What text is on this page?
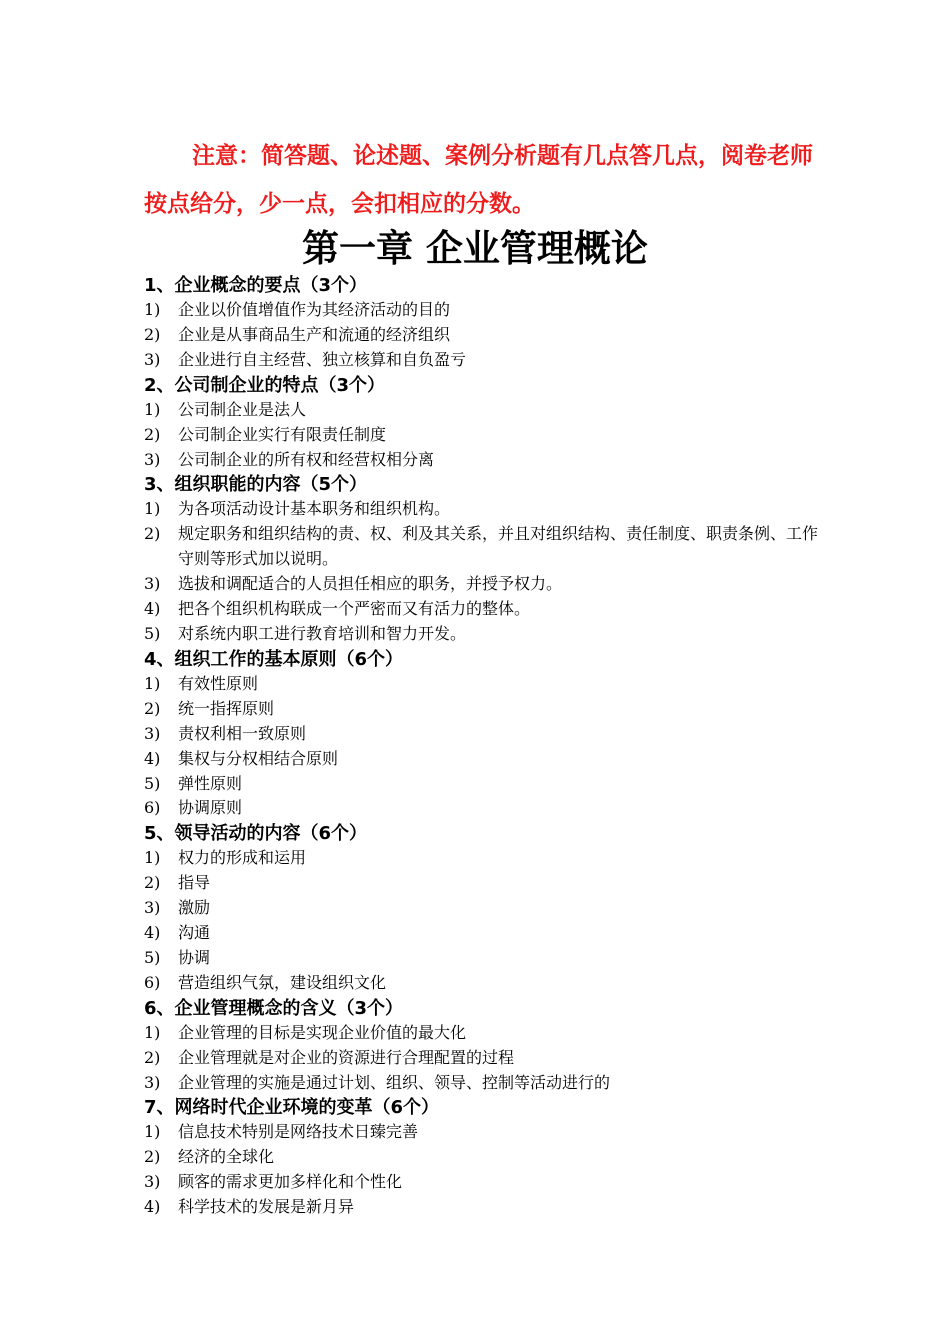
注意：简答题、论述题、案例分析题有几点答几点，阅卷老师按点给分，少一点，会扣相应的分数。

第一章 企业管理概论

1、企业概念的要点（3个）

1) 企业以价值增值作为其经济活动的目的
2) 企业是从事商品生产和流通的经济组织
3) 企业进行自主经营、独立核算和自负盈亏

2、公司制企业的特点（3个）

1) 公司制企业是法人
2) 公司制企业实行有限责任制度
3) 公司制企业的所有权和经营权相分离

3、组织职能的内容（5个）

1) 为各项活动设计基本职务和组织机构。
2) 规定职务和组织结构的责、权、利及其关系，并且对组织结构、责任制度、职责条例、工作守则等形式加以说明。
3) 选拔和调配适合的人员担任相应的职务，并授予权力。
4) 把各个组织机构联成一个严密而又有活力的整体。
5) 对系统内职工进行教育培训和智力开发。

4、组织工作的基本原则（6个）

1) 有效性原则
2) 统一指挥原则
3) 责权利相一致原则
4) 集权与分权相结合原则
5) 弹性原则
6) 协调原则

5、领导活动的内容（6个）

1) 权力的形成和运用
2) 指导
3) 激励
4) 沟通
5) 协调
6) 营造组织气氛，建设组织文化

6、企业管理概念的含义（3个）

1) 企业管理的目标是实现企业价值的最大化
2) 企业管理就是对企业的资源进行合理配置的过程
3) 企业管理的实施是通过计划、组织、领导、控制等活动进行的

7、网络时代企业环境的变革（6个）

1) 信息技术特别是网络技术日臻完善
2) 经济的全球化
3) 顾客的需求更加多样化和个性化
4) 科学技术的发展是新月异
